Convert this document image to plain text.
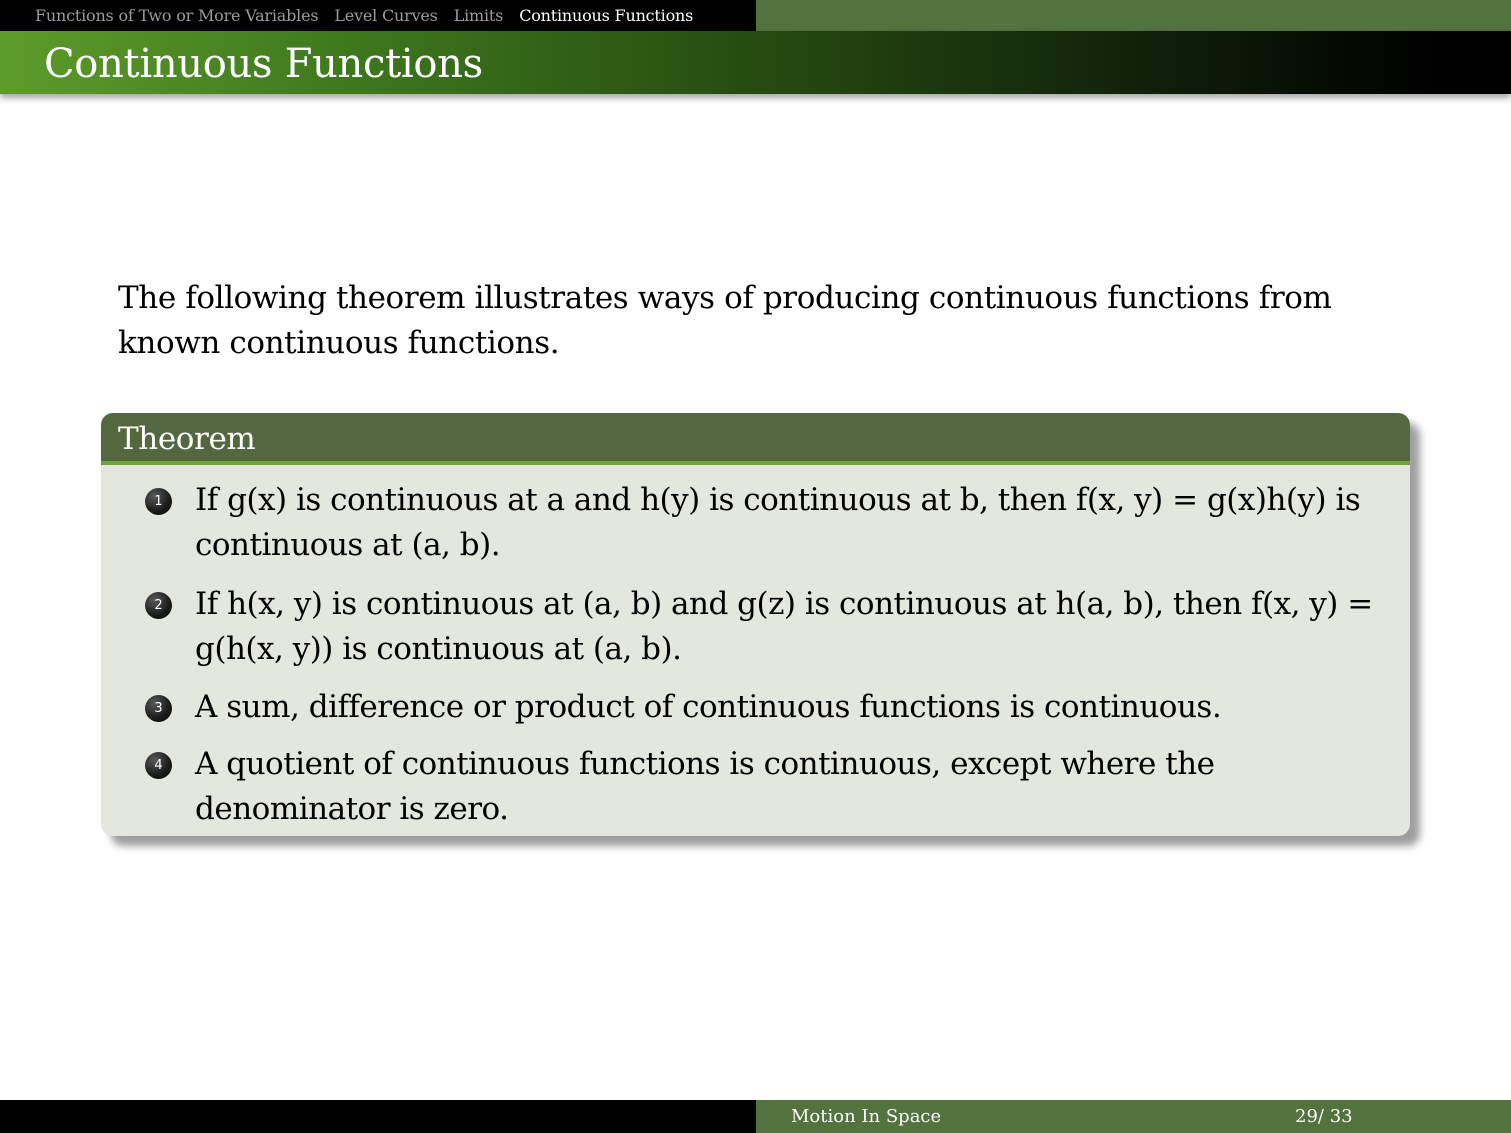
Functions of Two or More Variables	Level Curves	Limits	Continuous Functions
Continuous Functions

The following theorem illustrates ways of producing continuous functions from known continuous functions.

Theorem
1	If g(x) is continuous at a and h(y) is continuous at b, then f(x, y) = g(x)h(y) is continuous at (a, b).
2	If h(x, y) is continuous at (a, b) and g(z) is continuous at h(a, b), then f(x, y) = g(h(x, y)) is continuous at (a, b).
3	A sum, difference or product of continuous functions is continuous.
4	A quotient of continuous functions is continuous, except where the denominator is zero.
Motion In Space	29/ 33
